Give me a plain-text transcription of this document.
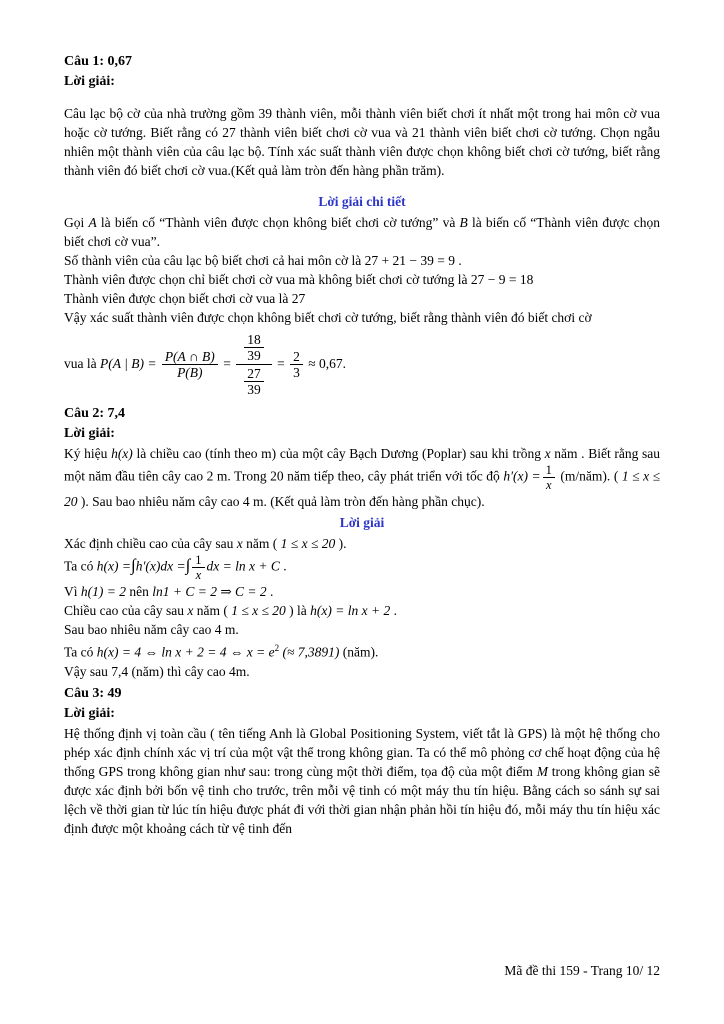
Câu 1: 0,67
Lời giải:

Câu lạc bộ cờ của nhà trường gồm 39 thành viên, mỗi thành viên biết chơi ít nhất một trong hai môn cờ vua hoặc cờ tướng. Biết rằng có 27 thành viên biết chơi cờ vua và 21 thành viên biết chơi cờ tướng. Chọn ngẫu nhiên một thành viên của câu lạc bộ. Tính xác suất thành viên được chọn không biết chơi cờ tướng, biết rằng thành viên đó biết chơi cờ vua.(Kết quả làm tròn đến hàng phần trăm).

Lời giải chi tiết

Gọi A là biến cố “Thành viên được chọn không biết chơi cờ tướng” và B là biến cố “Thành viên được chọn biết chơi cờ vua”.

Số thành viên của câu lạc bộ biết chơi cả hai môn cờ là 27 + 21 − 39 = 9 .

Thành viên được chọn chỉ biết chơi cờ vua mà không biết chơi cờ tướng là 27 − 9 = 18

Thành viên được chọn biết chơi cờ vua là 27

Vậy xác suất thành viên được chọn không biết chơi cờ tướng, biết rằng thành viên đó biết chơi cờ

vua là P(A | $B) = \frac{P(A \cap B)}{P(B)} = \frac{\frac{18}{39}}{\frac{27}{39}} = \frac{2}{3} \approx 0,67$.
Câu 2: 7,4
Lời giải:

Ký hiệu h(x) là chiều cao (tính theo m) của một cây Bạch Dương (Poplar) sau khi trồng x năm . Biết rằng sau một năm đầu tiên cây cao 2 m. Trong 20 năm tiếp theo, cây phát triển với tốc độ $h'(x) = \frac{1}{x}$ (m/năm). ( 1 ≤ x ≤ 20 ). Sau bao nhiêu năm cây cao 4 m. (Kết quả làm tròn đến hàng phần chục).

Lời giải

Xác định chiều cao của cây sau x năm ( 1 ≤ x ≤ 20 ).

Ta có h(x) =∫h′(x)dx =∫ $\frac{1}{x}$ dx = ln x + C .

Vì h(1) = 2 nên ln1 + C = 2 ⇒ C = 2 .

Chiều cao của cây sau x năm ( 1 ≤ x ≤ 20 ) là h(x) = ln x + 2 .

Sau bao nhiêu năm cây cao 4 m.

Ta có h(x) = 4 ⇔ ln x + 2 = 4 ⇔ $x = e^2$ (≈ 7,3891) (năm).

Vậy sau 7,4 (năm) thì cây cao 4m.

Câu 3: 49
Lời giải:

Hệ thống định vị toàn cầu ( tên tiếng Anh là Global Positioning System, viết tắt là GPS) là một hệ thống cho phép xác định chính xác vị trí của một vật thể trong không gian. Ta có thể mô phỏng cơ chế hoạt động của hệ thống GPS trong không gian như sau: trong cùng một thời điểm, tọa độ của một điểm M trong không gian sẽ được xác định bởi bốn vệ tinh cho trước, trên mỗi vệ tinh có một máy thu tín hiệu. Bằng cách so sánh sự sai lệch về thời gian từ lúc tín hiệu được phát đi với thời gian nhận phản hồi tín hiệu đó, mỗi máy thu tín hiệu xác định được một khoảng cách từ vệ tinh đến

Mã đề thi 159 - Trang 10/ 12
